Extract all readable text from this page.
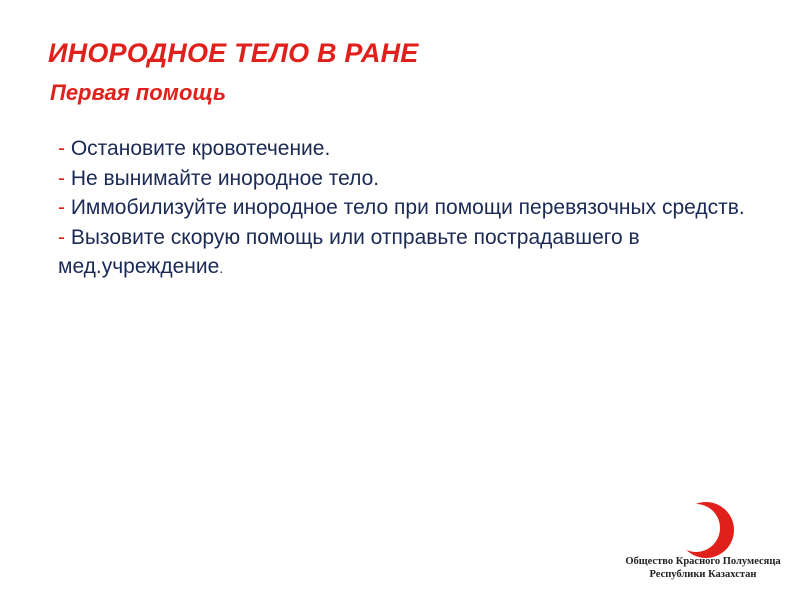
ИНОРОДНОЕ ТЕЛО В РАНЕ
Первая помощь
- Остановите кровотечение.
- Не вынимайте инородное тело.
- Иммобилизуйте инородное тело при помощи перевязочных средств.
- Вызовите скорую помощь или отправьте пострадавшего в мед.учреждение.
Общество Красного Полумесяца
Республики Казахстан
